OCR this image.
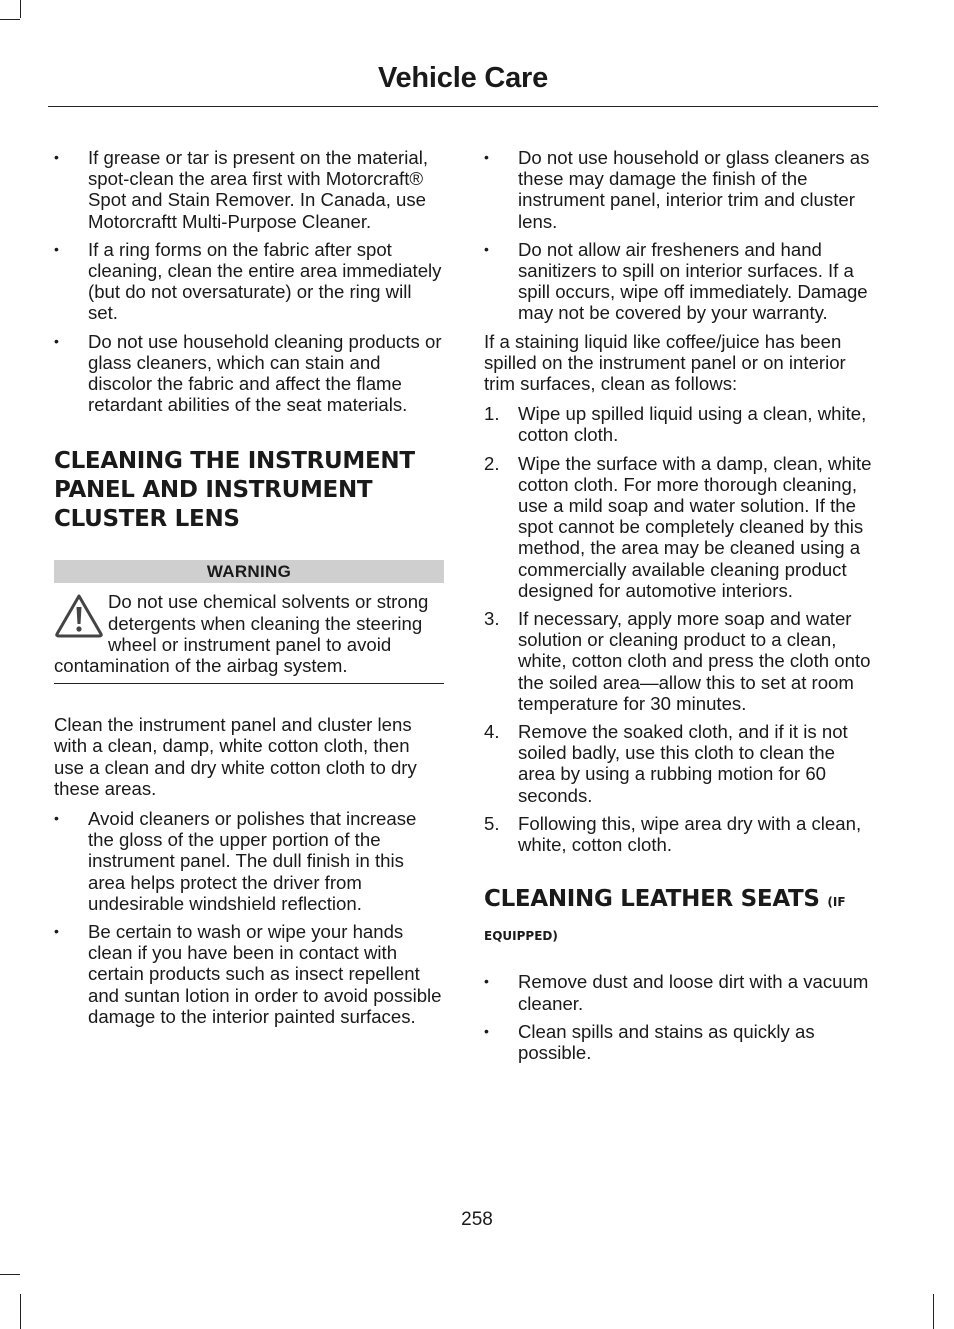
Vehicle Care
• If grease or tar is present on the material, spot-clean the area first with Motorcraft® Spot and Stain Remover. In Canada, use Motorcraftt Multi-Purpose Cleaner.
• If a ring forms on the fabric after spot cleaning, clean the entire area immediately (but do not oversaturate) or the ring will set.
• Do not use household cleaning products or glass cleaners, which can stain and discolor the fabric and affect the flame retardant abilities of the seat materials.
CLEANING THE INSTRUMENT PANEL AND INSTRUMENT CLUSTER LENS
WARNING
Do not use chemical solvents or strong detergents when cleaning the steering wheel or instrument panel to avoid contamination of the airbag system.

Clean the instrument panel and cluster lens with a clean, damp, white cotton cloth, then use a clean and dry white cotton cloth to dry these areas.

• Avoid cleaners or polishes that increase the gloss of the upper portion of the instrument panel. The dull finish in this area helps protect the driver from undesirable windshield reflection.
• Be certain to wash or wipe your hands clean if you have been in contact with certain products such as insect repellent and suntan lotion in order to avoid possible damage to the interior painted surfaces.
• Do not use household or glass cleaners as these may damage the finish of the instrument panel, interior trim and cluster lens.
• Do not allow air fresheners and hand sanitizers to spill on interior surfaces. If a spill occurs, wipe off immediately. Damage may not be covered by your warranty.

If a staining liquid like coffee/juice has been spilled on the instrument panel or on interior trim surfaces, clean as follows:

1. Wipe up spilled liquid using a clean, white, cotton cloth.
2. Wipe the surface with a damp, clean, white cotton cloth. For more thorough cleaning, use a mild soap and water solution. If the spot cannot be completely cleaned by this method, the area may be cleaned using a commercially available cleaning product designed for automotive interiors.
3. If necessary, apply more soap and water solution or cleaning product to a clean, white, cotton cloth and press the cloth onto the soiled area—allow this to set at room temperature for 30 minutes.
4. Remove the soaked cloth, and if it is not soiled badly, use this cloth to clean the area by using a rubbing motion for 60 seconds.
5. Following this, wipe area dry with a clean, white, cotton cloth.
CLEANING LEATHER SEATS (IF
EQUIPPED)
• Remove dust and loose dirt with a vacuum cleaner.
• Clean spills and stains as quickly as possible.
258
